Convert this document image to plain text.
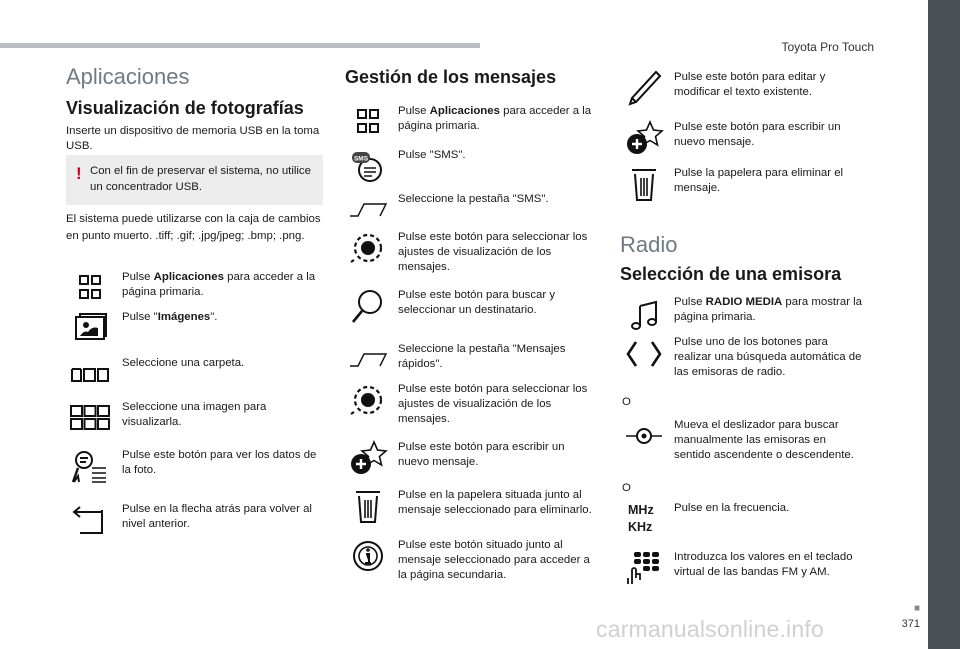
Toyota Pro Touch
■
371
Aplicaciones
Visualización de fotografías
Inserte un dispositivo de memoria USB en la toma USB.
! Con el fin de preservar el sistema, no utilice un concentrador USB.
El sistema puede utilizarse con la caja de cambios en punto muerto. .tiff; .gif; .jpg/jpeg; .bmp; .png.
Pulse Aplicaciones para acceder a la página primaria.
Pulse "Imágenes".
Seleccione una carpeta.
Seleccione una imagen para visualizarla.
Pulse este botón para ver los datos de la foto.
Pulse en la flecha atrás para volver al nivel anterior.
Gestión de los mensajes
Pulse Aplicaciones para acceder a la página primaria.
SMS	Pulse "SMS".
Seleccione la pestaña "SMS".
Pulse este botón para seleccionar los ajustes de visualización de los mensajes.
Pulse este botón para buscar y seleccionar un destinatario.
Seleccione la pestaña "Mensajes rápidos".
Pulse este botón para seleccionar los ajustes de visualización de los mensajes.
Pulse este botón para escribir un nuevo mensaje.
Pulse en la papelera situada junto al mensaje seleccionado para eliminarlo.
Pulse este botón situado junto al mensaje seleccionado para acceder a la página secundaria.
Pulse este botón para editar y modificar el texto existente.
Pulse este botón para escribir un nuevo mensaje.
Pulse la papelera para eliminar el mensaje.
Radio
Selección de una emisora
Pulse RADIO MEDIA para mostrar la página primaria.
Pulse uno de los botones para realizar una búsqueda automática de las emisoras de radio.
Mueva el deslizador para buscar manualmente las emisoras en sentido ascendente o descendente.
MHz
KHz
Pulse en la frecuencia.
Introduzca los valores en el teclado virtual de las bandas FM y AM.
O
O
carmanualsonline.info
